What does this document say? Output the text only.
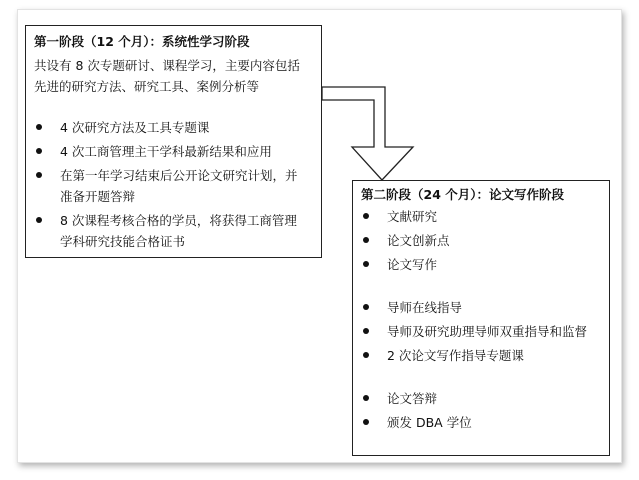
第一阶段（12 个月）：系统性学习阶段
共设有 8 次专题研讨、课程学习，主要内容包括
先进的研究方法、研究工具、案例分析等
4 次研究方法及工具专题课
4 次工商管理主干学科最新结果和应用
在第一年学习结束后公开论文研究计划，并
准备开题答辩
8 次课程考核合格的学员，将获得工商管理
学科研究技能合格证书
第二阶段（24 个月）：论文写作阶段
文献研究
论文创新点
论文写作
导师在线指导
导师及研究助理导师双重指导和监督
2 次论文写作指导专题课
论文答辩
颁发 DBA 学位
